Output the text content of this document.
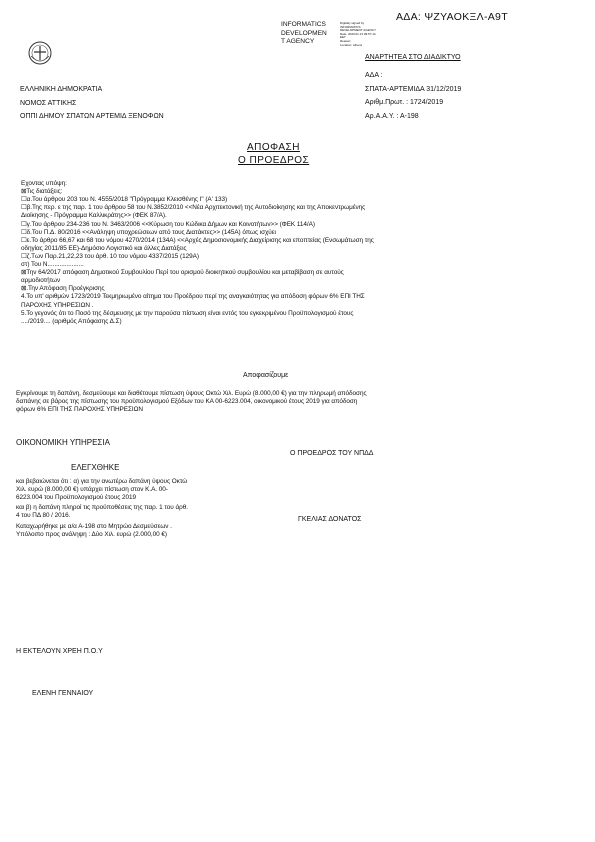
ΑΔΑ: ΨΖΥΑΟΚΞΛ-Α9Τ
INFORMATICS
DEVELOPMEN
T AGENCY
Digitally signed by
INFORMATICS
DEVELOPMENT AGENCY
Date: 2020.01.13 09:57:14
EET
Reason:
Location: Athens
ΕΛΛΗΝΙΚΗ ΔΗΜΟΚΡΑΤΙΑ
ΝΟΜΟΣ ΑΤΤΙΚΗΣ
ΟΠΠΙ ΔΗΜΟΥ ΣΠΑΤΩΝ ΑΡΤΕΜΙΔ ΞΕΝΟΦΩΝ
ΑΝΑΡΤΗΤΕΑ ΣΤΟ ΔΙΑΔΙΚΤΥΟ
ΑΔΑ :
ΣΠΑΤΑ-ΑΡΤΕΜΙΔΑ 31/12/2019
Αριθμ.Πρωτ. : 1724/2019
Αρ.Α.Α.Υ. : Α-198
ΑΠΟΦΑΣΗ
Ο ΠΡΟΕΔΡΟΣ
Εχοντας υπόψη:
⊠Τις διατάξεις:
☐α.Του άρθρου 203 του Ν. 4555/2018 "Πρόγραμμα Κλεισθένης Ι" (Α' 133)
☐β.Της περ. ε της παρ. 1 του άρθρου 58 του Ν.3852/2010 <<Νέα Αρχιτεκτονική της Αυτοδιοίκησης και της Αποκεντρωμένης
Διοίκησης - Πρόγραμμα Καλλικράτης>> (ΦΕΚ 87/Α).
☐γ.Του άρθρου 234-236 του Ν. 3463/2006 <<Κύρωση του Κώδικα Δήμων και Κοινοτήτων>> (ΦΕΚ 114/Α)
☐δ.Του Π.Δ. 80/2016 <<Ανάληψη υποχρεώσεων από τους Διατάκτες>> (145Α) όπως ισχύει
☐ε.Το άρθρο 66,67 και 68 του νόμου 4270/2014 (134Α) <<Αρχές Δημοσιονομικής Διαχείρισης και εποπτείας (Ενσωμάτωση της
οδηγίας 2011/85 ΕΕ)-Δημόσιο Λογιστικό και άλλες Διατάξεις
☐ζ.Των Παρ.21,22,23 του άρθ. 10 του νόμου 4337/2015 (129Α)
στ) Του Ν.....................
⊠Την 64/2017 απόφαση Δημοτικού Συμβουλίου Περί του ορισμού διοικητικού συμβουλίου και μεταβίβαση σε αυτούς
αρμοδιοτήτων
⊠.Την Απόφαση Προέγκρισης
4.Το υπ' αριθμών 1723/2019 Τεκμηριωμένο αίτημα του Προέδρου περί της αναγκαιότητας για απόδοση φόρων 6% ΕΠΙ ΤΗΣ
ΠΑΡΟΧΗΣ ΥΠΗΡΕΣΙΩΝ .
5.Το γεγονός ότι το Ποσό της δέσμευσης με την παρούσα πίστωση είναι εντός του εγκεκριμένου Προϋπολογισμού έτους
..../2019.... (αριθμός Απόφασης Δ.Σ)
Αποφασίζουμε
Εγκρίνουμε τη δαπάνη, δεσμεύουμε και διαθέτουμε πίστωση ύψους Οκτώ Χιλ. Ευρώ (8.000,00 €) για την πληρωμή απόδοσης
δαπάνης σε βάρος της πίστωσης του προϋπολογισμού Εξόδων του ΚΑ 00-6223.004, οικονομικού έτους 2019 για απόδοση
φόρων 6% ΕΠΙ ΤΗΣ ΠΑΡΟΧΗΣ ΥΠΗΡΕΣΙΩΝ
ΟΙΚΟΝΟΜΙΚΗ ΥΠΗΡΕΣΙΑ
ΕΛΕΓΧΘΗΚΕ
και βεβαιώνεται ότι : α) για την ανωτέρω δαπάνη ύψους Οκτώ
Χιλ. ευρώ (8.000,00 €) υπάρχει πίστωση στον Κ.Α. 00-
6223.004 του Προϋπολογισμού έτους 2019
και β) η δαπάνη πληροί τις προϋποθέσεις της παρ. 1 του άρθ.
4 του ΠΔ 80 / 2016.
Καταχωρήθηκε με α/α Α-198 στο Μητρώο Δεσμεύσεων .
Υπόλοιπο προς ανάληψη : Δύο Χιλ. ευρώ (2.000,00 €)
Ο ΠΡΟΕΔΡΟΣ ΤΟΥ ΝΠΔΔ
ΓΚΕΛΙΑΣ ΔΟΝΑΤΟΣ
Η ΕΚΤΕΛΟΥΝ ΧΡΕΗ Π.Ο.Υ
ΕΛΕΝΗ ΓΕΝΝΑΙΟΥ
